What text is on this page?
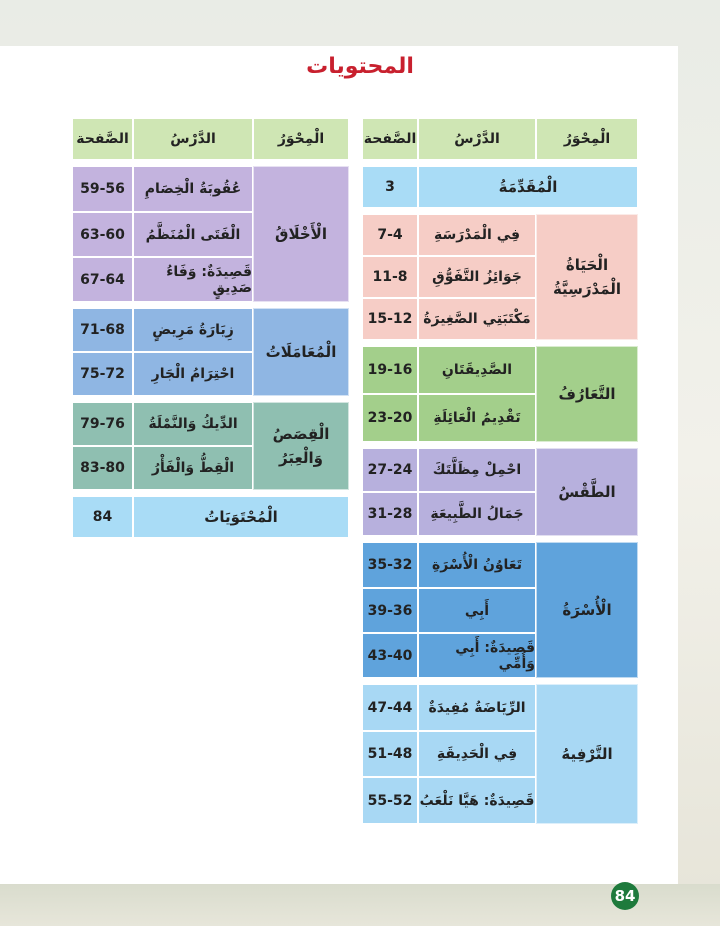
المحتويات
الْمِحْوَرُ
الدَّرْسُ
الصَّفحة
الْمُقَدِّمَةُ
3
الْحَيَاةُ الْمَدْرَسِيَّةُ
فِي الْمَدْرَسَةِ
7-4
جَوَائِزُ التَّفَوُّقِ
11-8
مَكْتَبَتِي الصَّغِيرَةُ
15-12
التَّعَارُفُ
الصَّدِيقَتَانِ
19-16
تَقْدِيمُ الْعَائِلَةِ
23-20
الطَّقْسُ
احْمِلْ مِظَلَّتَكَ
27-24
جَمَالُ الطَّبِيعَةِ
31-28
الْأُسْرَةُ
تَعَاوُنُ الْأُسْرَةِ
35-32
أَبِي
39-36
قَصِيدَةٌ: أَبِي وَأُمِّي
43-40
التَّرْفِيهُ
الرِّيَاضَةُ مُفِيدَةٌ
47-44
فِي الْحَدِيقَةِ
51-48
قَصِيدَةٌ: هَيَّا نَلْعَبُ
55-52
الْمِحْوَرُ
الدَّرْسُ
الصَّفحة
الْأَخْلَاقُ
عُقُوبَةُ الْخِصَامِ
59-56
الْفَتَى الْمُنَظَّمُ
63-60
قَصِيدَةٌ: وَفَاءُ صَدِيقٍ
67-64
الْمُعَامَلَاتُ
زِيَارَةُ مَرِيضٍ
71-68
احْتِرَامُ الْجَارِ
75-72
الْقِصَصُ وَالْعِبَرُ
الدِّيكُ وَالنَّمْلَةُ
79-76
الْقِطُّ وَالْفَأْرُ
83-80
الْمُحْتَوَيَاتُ
84
84
